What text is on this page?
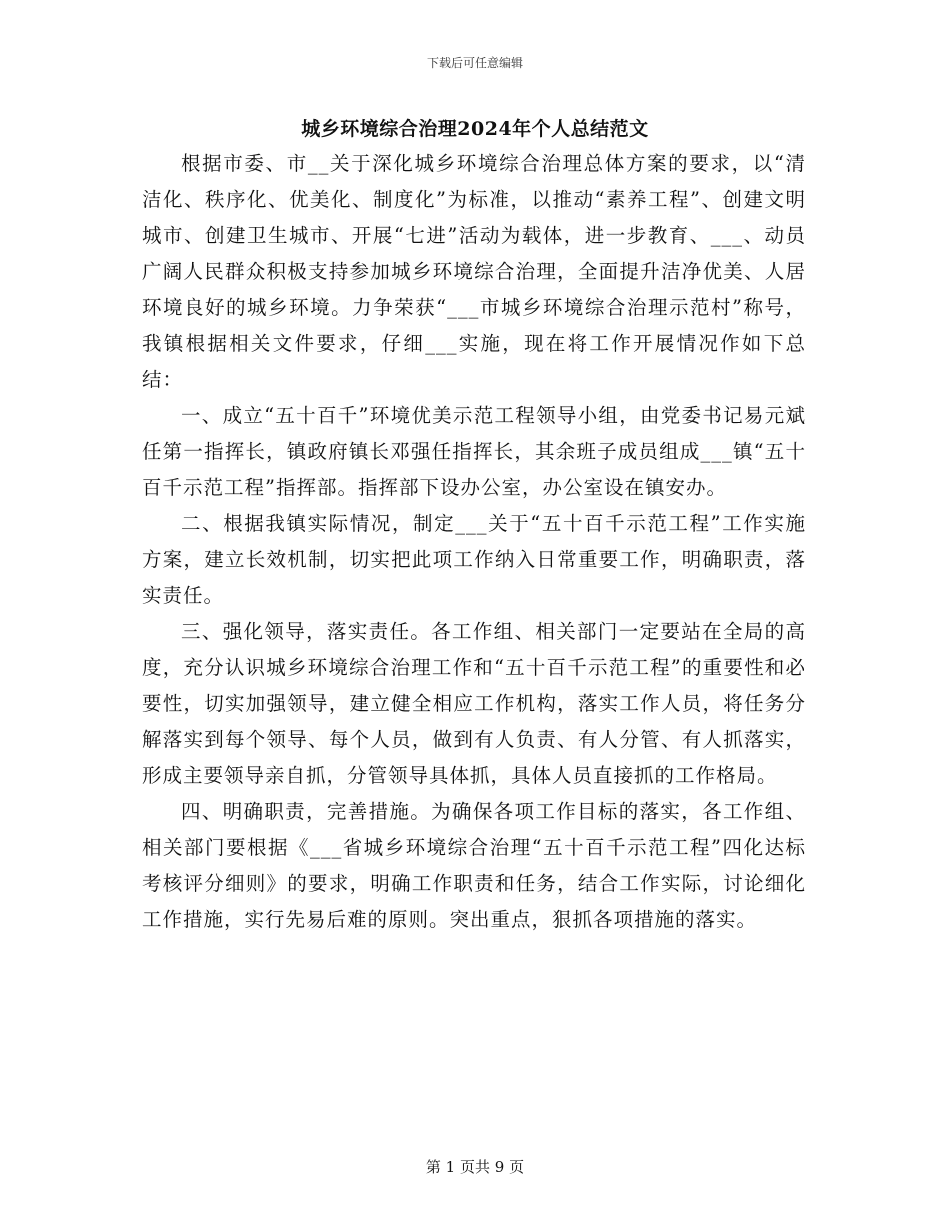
下载后可任意编辑
城乡环境综合治理2024年个人总结范文

根据市委、市__关于深化城乡环境综合治理总体方案的要求，以“清洁化、秩序化、优美化、制度化”为标准，以推动“素养工程”、创建文明城市、创建卫生城市、开展“七进”活动为载体，进一步教育、___、动员广阔人民群众积极支持参加城乡环境综合治理，全面提升洁净优美、人居环境良好的城乡环境。力争荣获“___市城乡环境综合治理示范村”称号，我镇根据相关文件要求，仔细___实施，现在将工作开展情况作如下总结：

一、成立“五十百千”环境优美示范工程领导小组，由党委书记易元斌任第一指挥长，镇政府镇长邓强任指挥长，其余班子成员组成___镇“五十百千示范工程”指挥部。指挥部下设办公室，办公室设在镇安办。

二、根据我镇实际情况，制定___关于“五十百千示范工程”工作实施方案，建立长效机制，切实把此项工作纳入日常重要工作，明确职责，落实责任。

三、强化领导，落实责任。各工作组、相关部门一定要站在全局的高度，充分认识城乡环境综合治理工作和“五十百千示范工程”的重要性和必要性，切实加强领导，建立健全相应工作机构，落实工作人员，将任务分解落实到每个领导、每个人员，做到有人负责、有人分管、有人抓落实，形成主要领导亲自抓，分管领导具体抓，具体人员直接抓的工作格局。

四、明确职责，完善措施。为确保各项工作目标的落实，各工作组、相关部门要根据《___省城乡环境综合治理“五十百千示范工程”四化达标考核评分细则》的要求，明确工作职责和任务，结合工作实际，讨论细化工作措施，实行先易后难的原则。突出重点，狠抓各项措施的落实。

第 1 页共 9 页
